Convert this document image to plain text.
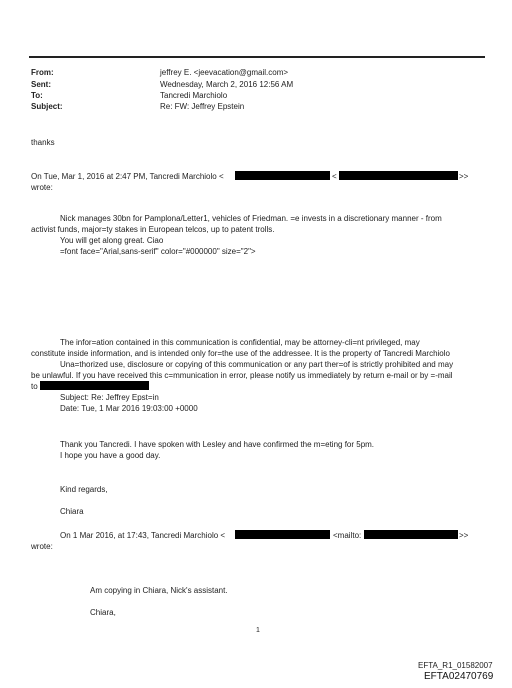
From:	jeffrey E. <jeevacation@gmail.com>
Sent:	Wednesday, March 2, 2016 12:56 AM
To:	Tancredi Marchiolo
Subject:	Re: FW: Jeffrey Epstein
thanks
On Tue, Mar 1, 2016 at 2:47 PM, Tancredi Marchiolo <	<	>>
wrote:
Nick manages 30bn for Pamplona/Letter1, vehicles of Friedman. =e invests in a discretionary manner - from
activist funds, major=ty stakes in European telcos, up to patent trolls.
You will get along great. Ciao
=font face="Arial,sans-serif" color="#000000" size="2">
The infor=ation contained in this communication is confidential, may be attorney-cli=nt privileged, may
constitute inside information, and is intended only for=the use of the addressee. It is the property of Tancredi Marchiolo
Una=thorized use, disclosure or copying of this communication or any part ther=of is strictly prohibited and may
be unlawful. If you have received this c=mmunication in error, please notify us immediately by return e-mail or by =-mail
to
Subject: Re: Jeffrey Epst=in
Date: Tue, 1 Mar 2016 19:03:00 +0000
Thank you Tancredi. I have spoken with Lesley and have confirmed the m=eting for 5pm.
I hope you have a good day.
Kind regards,
Chiara
On 1 Mar 2016, at 17:43, Tancredi Marchiolo <	<mailto:	>>
wrote:
Am copying in Chiara, Nick's assistant.
Chiara,
1
EFTA_R1_01582007
EFTA02470769
